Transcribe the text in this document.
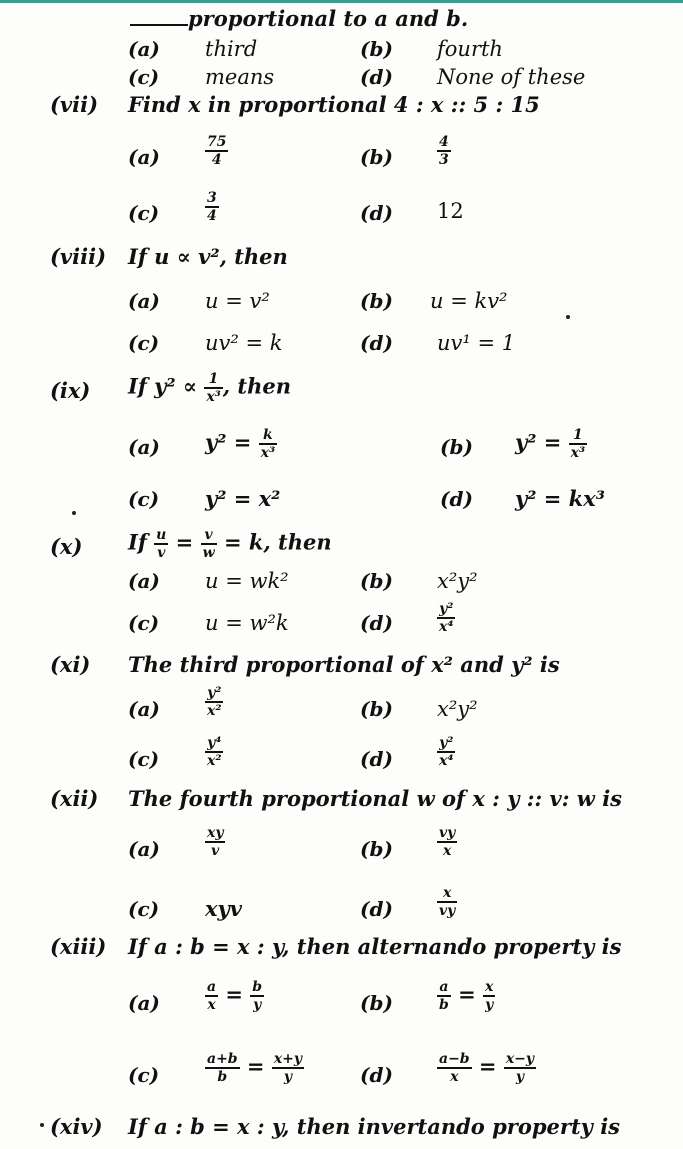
proportional to a and b.
(a) third	(b) fourth
(c) means	(d) None of these
(vii) Find x in proportional 4 : x :: 5 : 15
(a)	$\frac{75}{4}$	(b)	$\frac{4}{3}$
(c)	$\frac{3}{4}$	(d) 12
(viii) If u ∝ v², then
(a) u = v²	(b) u = kv²
(c) uv² = k	(d) uv¹ = 1
(ix) If $y^2 \propto \frac{1}{\text{x³}}$ , then
(a) $y^2 = \frac{k}{\text{x³}}$	(b) $y^2 = \frac{1}{\text{x³}}$
(c) y² = x²	(d) y² = kx³
(x) If $\frac{u}{v} = \frac{v}{w} = k$, then
(a) u = wk²	(b) x²y²
(c) u = w²k	(d)	$\frac{\text{y²}}{\text{x⁴}}$
(xi) The third proportional of x² and y² is
(a)	$\frac{\text{y²}}{\text{x²}}$	(b) x²y²
(c)	$\frac{\text{y⁴}}{\text{x²}}$	(d)	$\frac{\text{y²}}{\text{x⁴}}$
(xii) The fourth proportional w of x : y :: v: w is
(a)	$\frac{xy}{v}$	(b)	$\frac{vy}{x}$
(c) xyv	(d)	$\frac{x}{vy}$
(xiii) If a : b = x : y, then alternando property is
(a)	$\frac{a}{x} = \frac{b}{y}$	(b)	$\frac{a}{b} = \frac{x}{y}$
(c)	$\frac{a+b}{b} = \frac{x+y}{y}$	(d)	$\frac{a-b}{x} = \frac{x-y}{y}$
(xiv) If a : b = x : y, then invertando property is
